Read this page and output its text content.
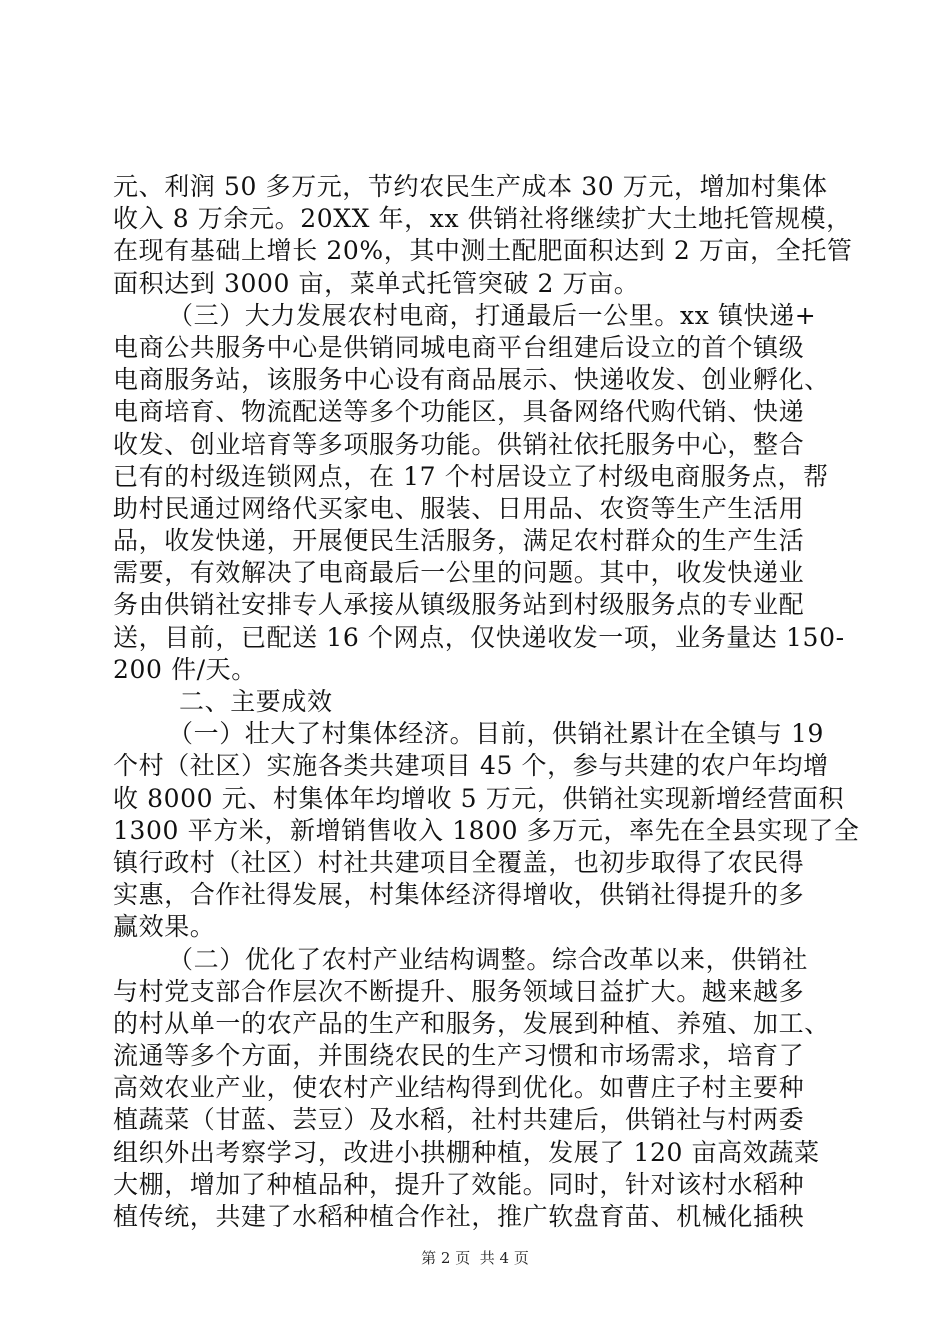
元、利润 50 多万元，节约农民生产成本 30 万元，增加村集体
收入 8 万余元。20XX 年，xx 供销社将继续扩大土地托管规模，
在现有基础上增长 20%，其中测土配肥面积达到 2 万亩，全托管
面积达到 3000 亩，菜单式托管突破 2 万亩。
（三）大力发展农村电商，打通最后一公里。xx 镇快递+
电商公共服务中心是供销同城电商平台组建后设立的首个镇级
电商服务站，该服务中心设有商品展示、快递收发、创业孵化、
电商培育、物流配送等多个功能区，具备网络代购代销、快递
收发、创业培育等多项服务功能。供销社依托服务中心，整合
已有的村级连锁网点，在 17 个村居设立了村级电商服务点，帮
助村民通过网络代买家电、服装、日用品、农资等生产生活用
品，收发快递，开展便民生活服务，满足农村群众的生产生活
需要，有效解决了电商最后一公里的问题。其中，收发快递业
务由供销社安排专人承接从镇级服务站到村级服务点的专业配
送，目前，已配送 16 个网点，仅快递收发一项，业务量达 150-
200 件/天。
二、主要成效
（一）壮大了村集体经济。目前，供销社累计在全镇与 19
个村（社区）实施各类共建项目 45 个，参与共建的农户年均增
收 8000 元、村集体年均增收 5 万元，供销社实现新增经营面积
1300 平方米，新增销售收入 1800 多万元，率先在全县实现了全
镇行政村（社区）村社共建项目全覆盖，也初步取得了农民得
实惠，合作社得发展，村集体经济得增收，供销社得提升的多
赢效果。
（二）优化了农村产业结构调整。综合改革以来，供销社
与村党支部合作层次不断提升、服务领域日益扩大。越来越多
的村从单一的农产品的生产和服务，发展到种植、养殖、加工、
流通等多个方面，并围绕农民的生产习惯和市场需求，培育了
高效农业产业，使农村产业结构得到优化。如曹庄子村主要种
植蔬菜（甘蓝、芸豆）及水稻，社村共建后，供销社与村两委
组织外出考察学习，改进小拱棚种植，发展了 120 亩高效蔬菜
大棚，增加了种植品种，提升了效能。同时，针对该村水稻种
植传统，共建了水稻种植合作社，推广软盘育苗、机械化插秧
第 2 页  共 4 页
